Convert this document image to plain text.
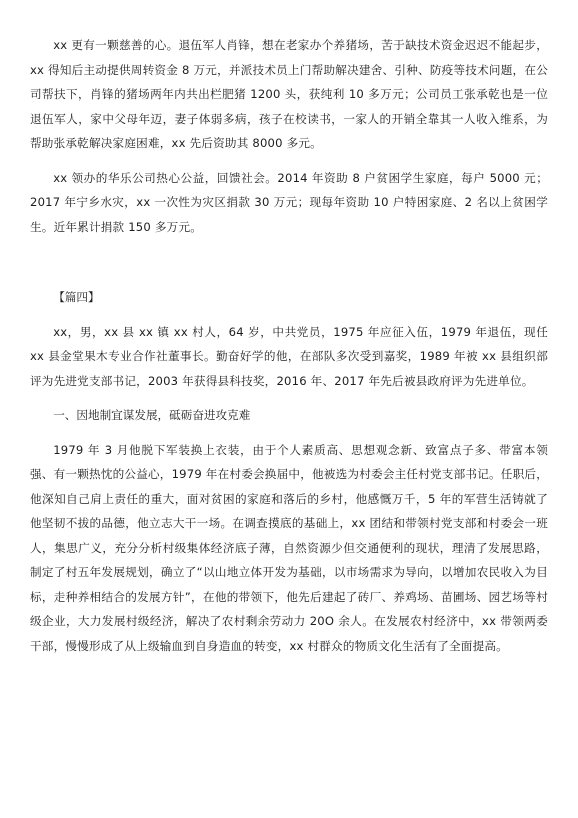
xx 更有一颗慈善的心。退伍军人肖锋，想在老家办个养猪场，苦于缺技术资金迟迟不能起步，xx 得知后主动提供周转资金 8 万元，并派技术员上门帮助解决建舍、引种、防疫等技术问题，在公司帮扶下，肖锋的猪场两年内共出栏肥猪 1200 头，获纯利 10 多万元；公司员工张承乾也是一位退伍军人，家中父母年迈，妻子体弱多病，孩子在校读书，一家人的开销全靠其一人收入维系，为帮助张承乾解决家庭困难，xx 先后资助其 8000 多元。

xx 领办的华乐公司热心公益，回馈社会。2014 年资助 8 户贫困学生家庭，每户 5000 元；2017 年宁乡水灾，xx 一次性为灾区捐款 30 万元；现每年资助 10 户特困家庭、2 名以上贫困学生。近年累计捐款 150 多万元。

【篇四】

xx，男，xx 县 xx 镇 xx 村人，64 岁，中共党员，1975 年应征入伍，1979 年退伍，现任 xx 县金堂果木专业合作社董事长。勤奋好学的他，在部队多次受到嘉奖，1989 年被 xx 县组织部评为先进党支部书记，2003 年获得县科技奖，2016 年、2017 年先后被县政府评为先进单位。

一、因地制宜谋发展，砥砺奋进攻克难

1979 年 3 月他脱下军装换上衣装，由于个人素质高、思想观念新、致富点子多、带富本领强、有一颗热忱的公益心，1979 年在村委会换届中，他被选为村委会主任村党支部书记。任职后，他深知自己肩上责任的重大，面对贫困的家庭和落后的乡村，他感慨万千，5 年的军营生活铸就了他坚韧不拔的品德，他立志大干一场。在调查摸底的基础上，xx 团结和带领村党支部和村委会一班人，集思广义，充分分析村级集体经济底子薄，自然资源少但交通便利的现状，理清了发展思路，制定了村五年发展规划，确立了“以山地立体开发为基础，以市场需求为导向，以增加农民收入为目标，走种养相结合的发展方针”，在他的带领下，他先后建起了砖厂、养鸡场、苗圃场、园艺场等村级企业，大力发展村级经济，解决了农村剩余劳动力 20O 余人。在发展农村经济中，xx 带领两委干部，慢慢形成了从上级输血到自身造血的转变，xx 村群众的物质文化生活有了全面提高。
